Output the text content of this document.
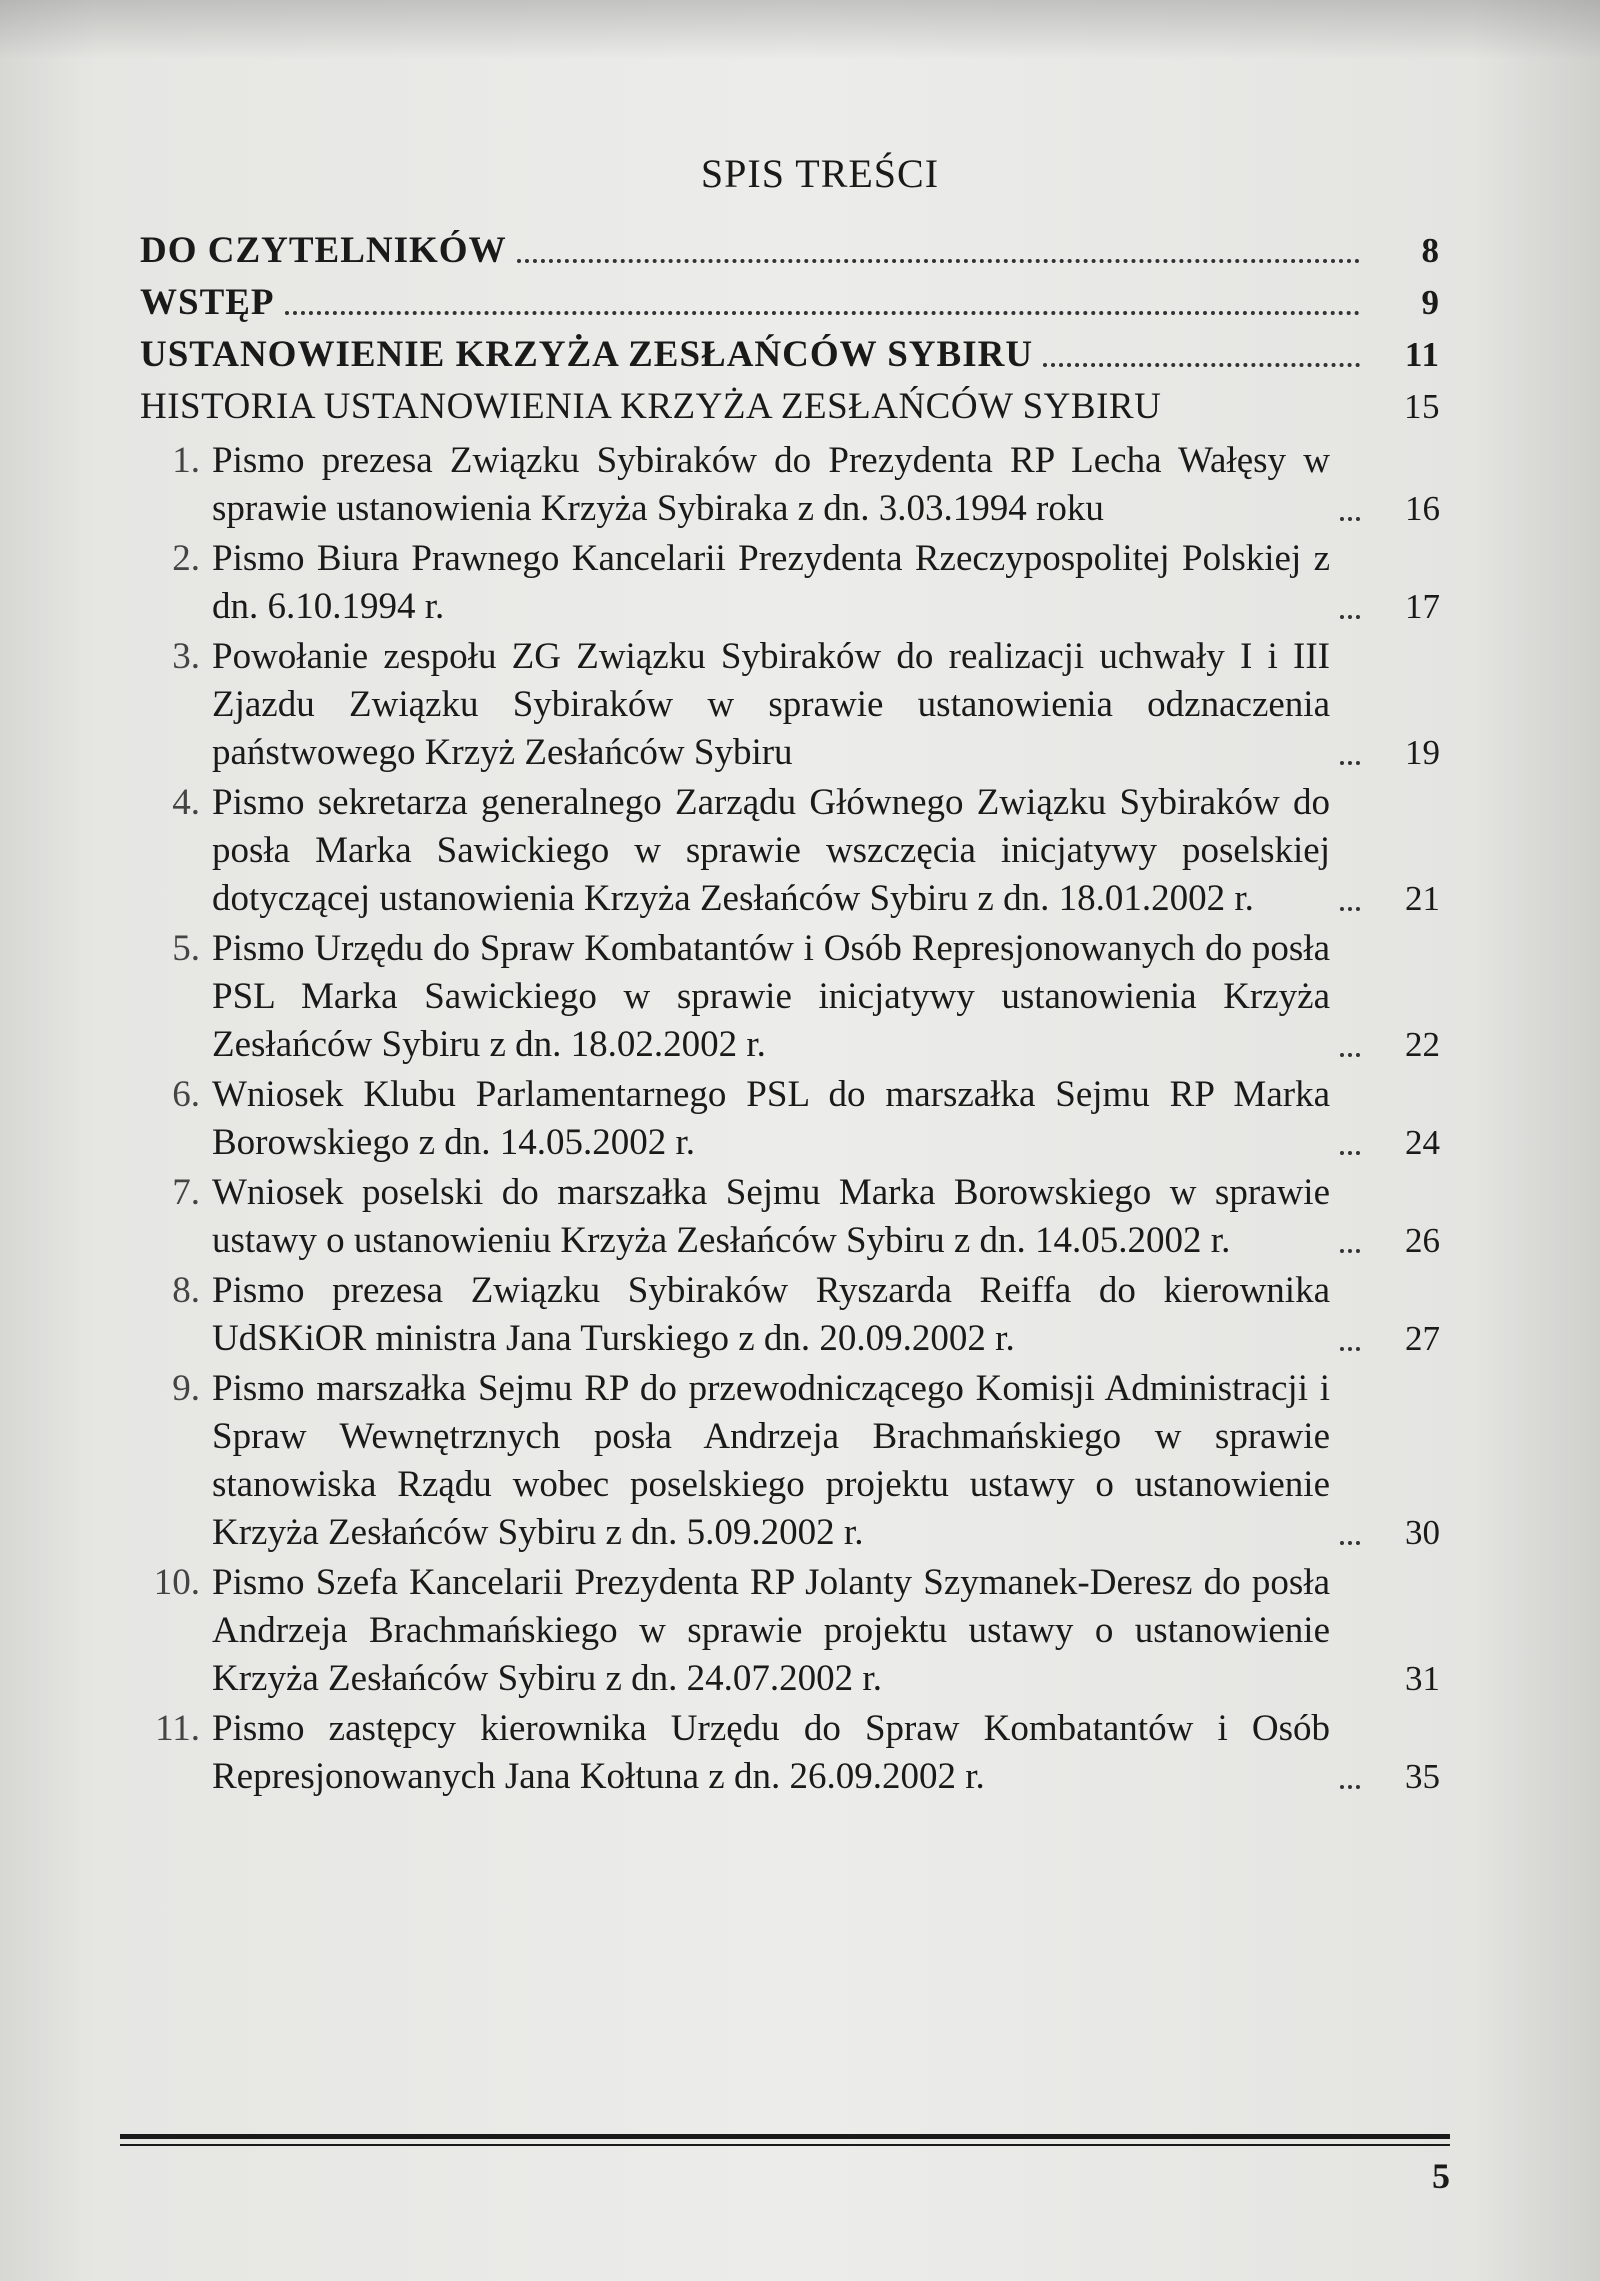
SPIS TREŚCI
DO CZYTELNIKÓW	8
WSTĘP	9
USTANOWIENIE KRZYŻA ZESŁAŃCÓW SYBIRU	11
HISTORIA USTANOWIENIA KRZYŻA ZESŁAŃCÓW SYBIRU	15
1. Pismo prezesa Związku Sybiraków do Prezydenta RP Lecha Wałęsy w sprawie ustanowienia Krzyża Sybiraka z dn. 3.03.1994 roku	16
2. Pismo Biura Prawnego Kancelarii Prezydenta Rzeczypospolitej Polskiej z dn. 6.10.1994 r.	17
3. Powołanie zespołu ZG Związku Sybiraków do realizacji uchwały I i III Zjazdu Związku Sybiraków w sprawie ustanowienia odznaczenia państwowego Krzyż Zesłańców Sybiru	19
4. Pismo sekretarza generalnego Zarządu Głównego Związku Sybiraków do posła Marka Sawickiego w sprawie wszczęcia inicjatywy poselskiej dotyczącej ustanowienia Krzyża Zesłańców Sybiru z dn. 18.01.2002 r.	21
5. Pismo Urzędu do Spraw Kombatantów i Osób Represjonowanych do posła PSL Marka Sawickiego w sprawie inicjatywy ustanowienia Krzyża Zesłańców Sybiru z dn. 18.02.2002 r.	22
6. Wniosek Klubu Parlamentarnego PSL do marszałka Sejmu RP Marka Borowskiego z dn. 14.05.2002 r.	24
7. Wniosek poselski do marszałka Sejmu Marka Borowskiego w sprawie ustawy o ustanowieniu Krzyża Zesłańców Sybiru z dn. 14.05.2002 r.	26
8. Pismo prezesa Związku Sybiraków Ryszarda Reiffa do kierownika UdSKiOR ministra Jana Turskiego z dn. 20.09.2002 r.	27
9. Pismo marszałka Sejmu RP do przewodniczącego Komisji Administracji i Spraw Wewnętrznych posła Andrzeja Brachmańskiego w sprawie stanowiska Rządu wobec poselskiego projektu ustawy o ustanowienie Krzyża Zesłańców Sybiru z dn. 5.09.2002 r.	30
10. Pismo Szefa Kancelarii Prezydenta RP Jolanty Szymanek-Deresz do posła Andrzeja Brachmańskiego w sprawie projektu ustawy o ustanowienie Krzyża Zesłańców Sybiru z dn. 24.07.2002 r.	31
11. Pismo zastępcy kierownika Urzędu do Spraw Kombatantów i Osób Represjonowanych Jana Kołtuna z dn. 26.09.2002 r.	35
5
